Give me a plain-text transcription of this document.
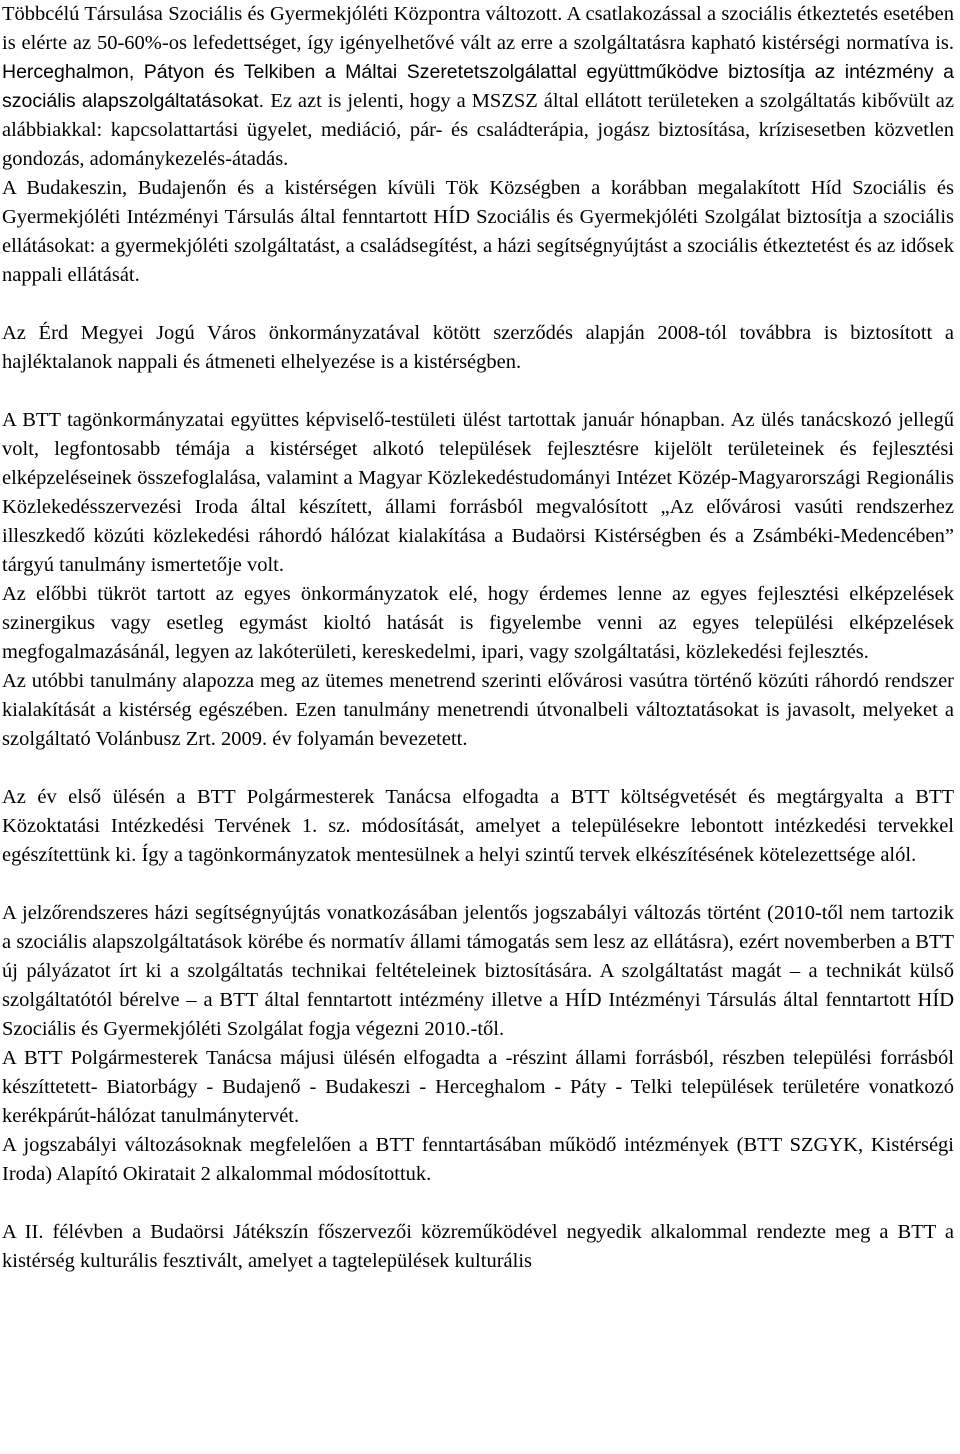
Többcélú Társulása Szociális és Gyermekjóléti Központra változott. A csatlakozással a szociális étkeztetés esetében is elérte az 50-60%-os lefedettséget, így igényelhetővé vált az erre a szolgáltatásra kapható kistérségi normatíva is. Herceghalmon, Pátyon és Telkiben a Máltai Szeretetszolgálattal együttműködve biztosítja az intézmény a szociális alapszolgáltatásokat. Ez azt is jelenti, hogy a MSZSZ által ellátott területeken a szolgáltatás kibővült az alábbiakkal: kapcsolattartási ügyelet, mediáció, pár- és családterápia, jogász biztosítása, krízisesetben közvetlen gondozás, adománykezelés-átadás.

A Budakeszin, Budajenőn és a kistérségen kívüli Tök Községben a korábban megalakított Híd Szociális és Gyermekjóléti Intézményi Társulás által fenntartott HÍD Szociális és Gyermekjóléti Szolgálat biztosítja a szociális ellátásokat: a gyermekjóléti szolgáltatást, a családsegítést, a házi segítségnyújtást a szociális étkeztetést és az idősek nappali ellátását.

Az Érd Megyei Jogú Város önkormányzatával kötött szerződés alapján 2008-tól továbbra is biztosított a hajléktalanok nappali és átmeneti elhelyezése is a kistérségben.

A BTT tagönkormányzatai együttes képviselő-testületi ülést tartottak január hónapban. Az ülés tanácskozó jellegű volt, legfontosabb témája a kistérséget alkotó települések fejlesztésre kijelölt területeinek és fejlesztési elképzeléseinek összefoglalása, valamint a Magyar Közlekedéstudományi Intézet Közép-Magyarországi Regionális Közlekedésszervezési Iroda által készített, állami forrásból megvalósított „Az elővárosi vasúti rendszerhez illeszkedő közúti közlekedési ráhordó hálózat kialakítása a Budaörsi Kistérségben és a Zsámbéki-Medencében” tárgyú tanulmány ismertetője volt.

Az előbbi tükröt tartott az egyes önkormányzatok elé, hogy érdemes lenne az egyes fejlesztési elképzelések szinergikus vagy esetleg egymást kioltó hatását is figyelembe venni az egyes települési elképzelések megfogalmazásánál, legyen az lakóterületi, kereskedelmi, ipari, vagy szolgáltatási, közlekedési fejlesztés.

Az utóbbi tanulmány alapozza meg az ütemes menetrend szerinti elővárosi vasútra történő közúti ráhordó rendszer kialakítását a kistérség egészében. Ezen tanulmány menetrendi útvonalbeli változtatásokat is javasolt, melyeket a szolgáltató Volánbusz Zrt. 2009. év folyamán bevezetett.

Az év első ülésén a BTT Polgármesterek Tanácsa elfogadta a BTT költségvetését és megtárgyalta a BTT Közoktatási Intézkedési Tervének 1. sz. módosítását, amelyet a településekre lebontott intézkedési tervekkel egészítettünk ki. Így a tagönkormányzatok mentesülnek a helyi szintű tervek elkészítésének kötelezettsége alól.

A jelzőrendszeres házi segítségnyújtás vonatkozásában jelentős jogszabályi változás történt (2010-től nem tartozik a szociális alapszolgáltatások körébe és normatív állami támogatás sem lesz az ellátásra), ezért novemberben a BTT új pályázatot írt ki a szolgáltatás technikai feltételeinek biztosítására. A szolgáltatást magát – a technikát külső szolgáltatótól bérelve – a BTT által fenntartott intézmény illetve a HÍD Intézményi Társulás által fenntartott HÍD Szociális és Gyermekjóléti Szolgálat fogja végezni 2010.-től.

A BTT Polgármesterek Tanácsa májusi ülésén elfogadta a -részint állami forrásból, részben települési forrásból készíttetett- Biatorbágy - Budajenő - Budakeszi - Herceghalom - Páty - Telki települések területére vonatkozó kerékpárút-hálózat tanulmánytervét.

A jogszabályi változásoknak megfelelően a BTT fenntartásában működő intézmények (BTT SZGYK, Kistérségi Iroda) Alapító Okiratait 2 alkalommal módosítottuk.

A II. félévben a Budaörsi Játékszín főszervezői közreműködével negyedik alkalommal rendezte meg a BTT a kistérség kulturális fesztivált, amelyet a tagtelepülések kulturális
